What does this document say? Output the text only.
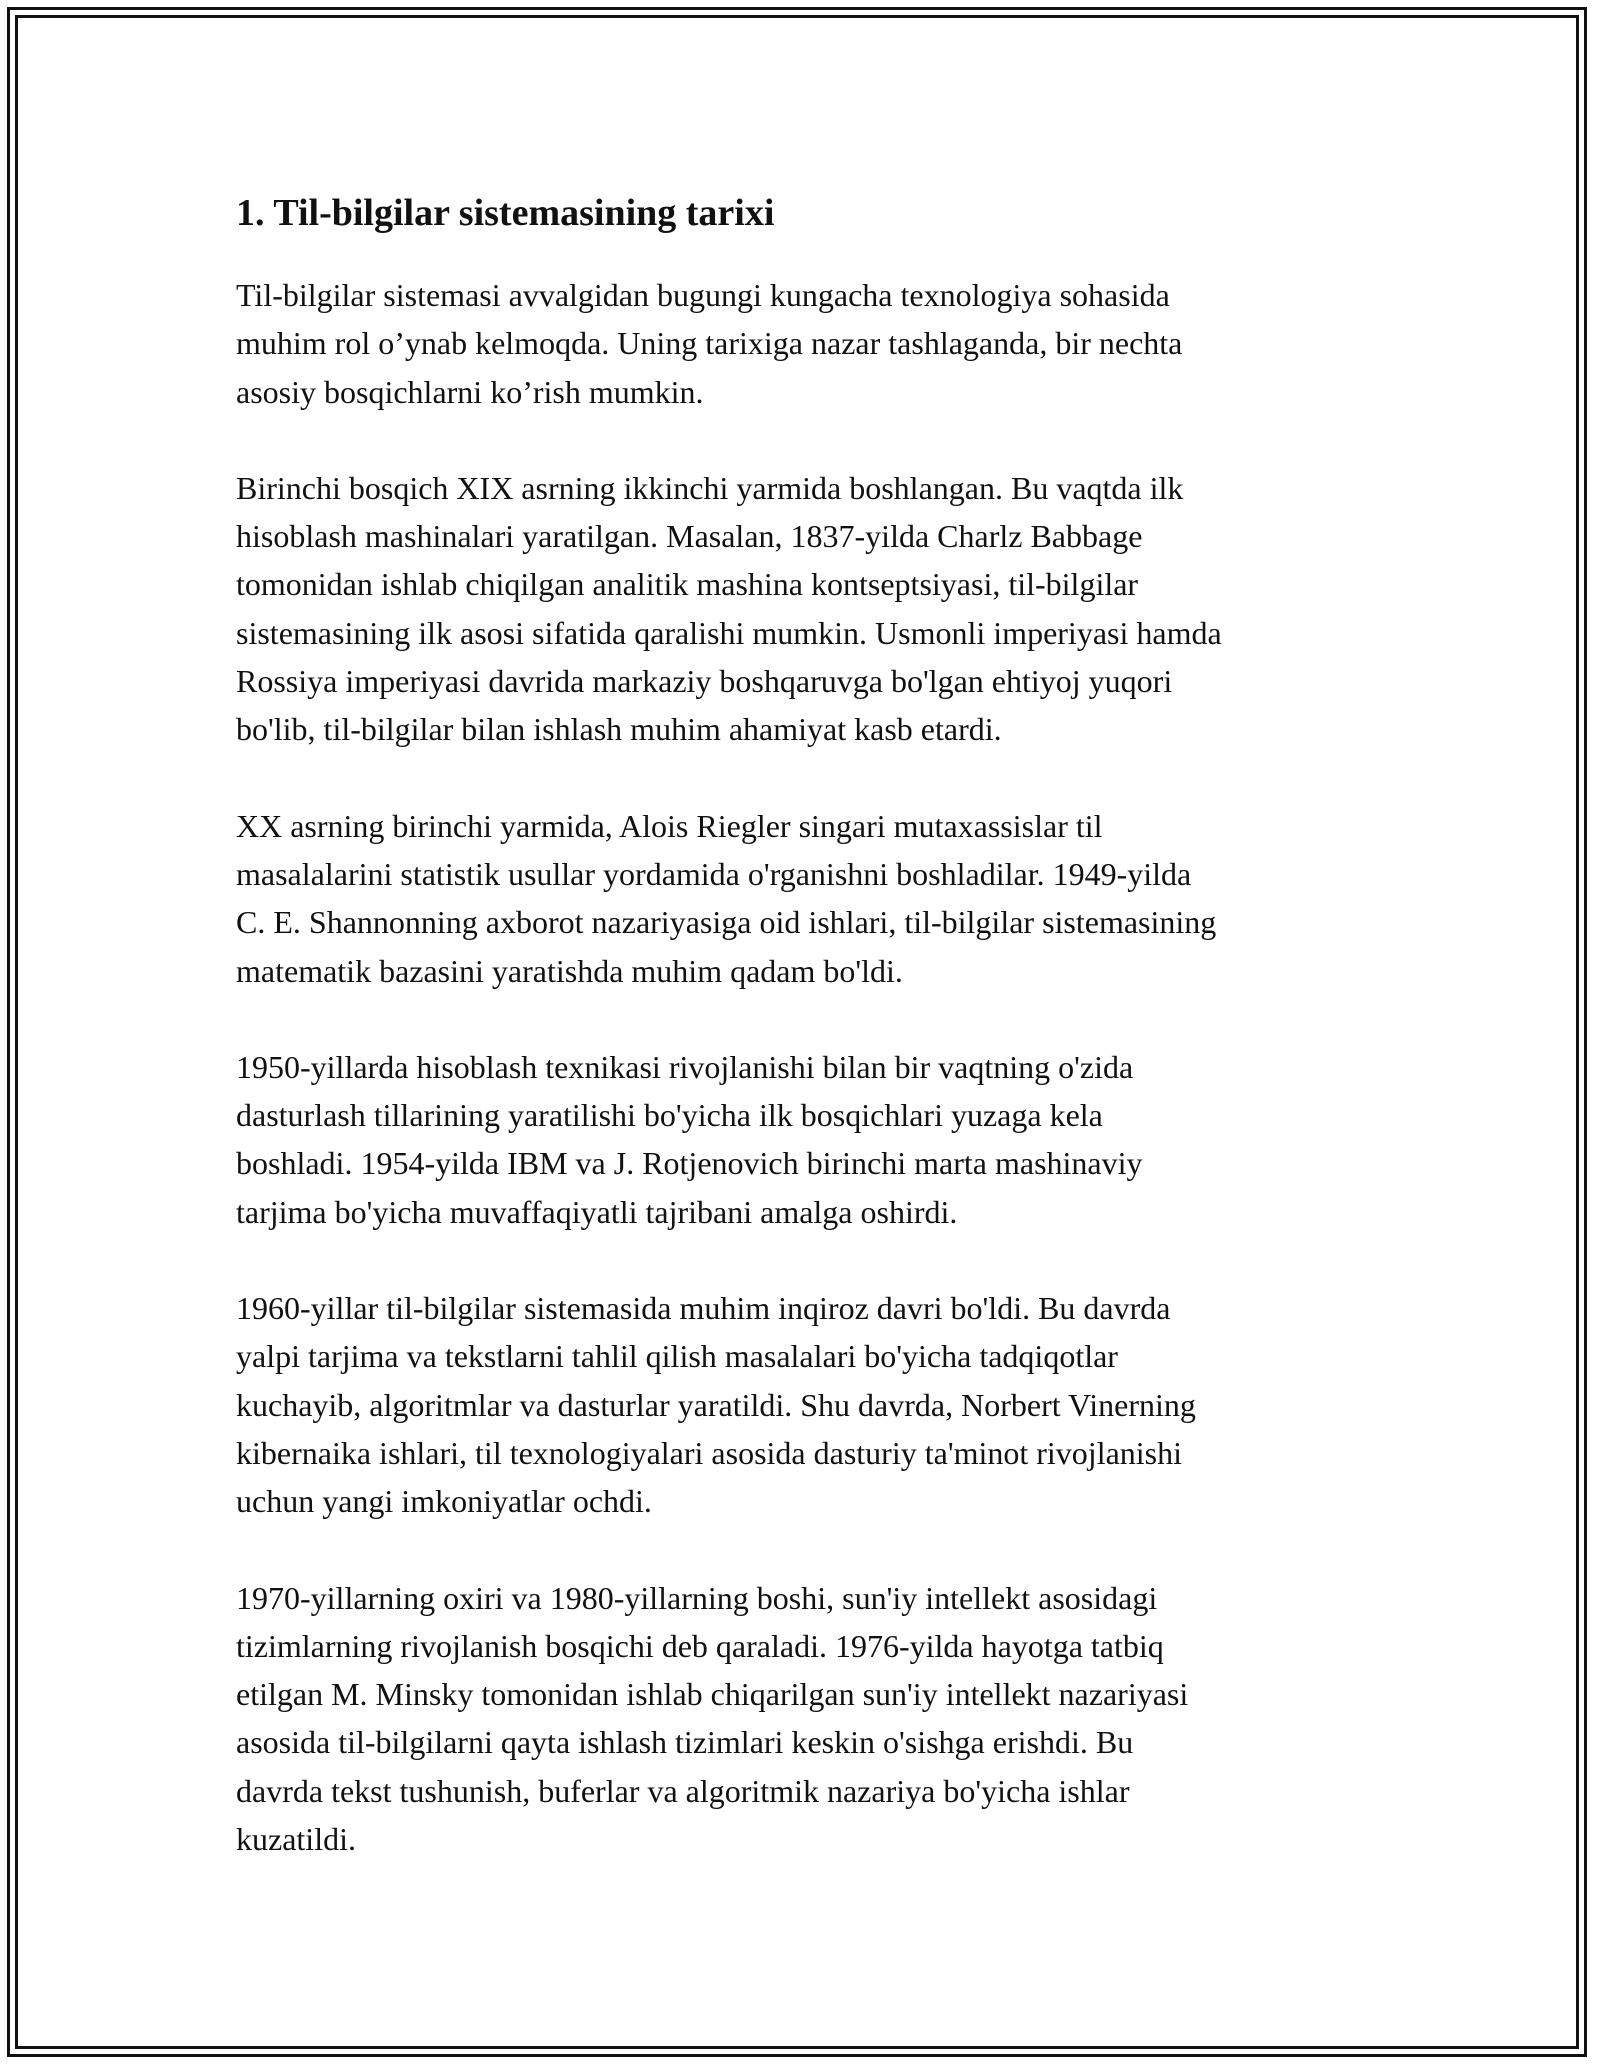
1. Til-bilgilar sistemasining tarixi

Til-bilgilar sistemasi avvalgidan bugungi kungacha texnologiya sohasida
muhim rol o’ynab kelmoqda. Uning tarixiga nazar tashlaganda, bir nechta
asosiy bosqichlarni ko’rish mumkin.

Birinchi bosqich XIX asrning ikkinchi yarmida boshlangan. Bu vaqtda ilk
hisoblash mashinalari yaratilgan. Masalan, 1837-yilda Charlz Babbage
tomonidan ishlab chiqilgan analitik mashina kontseptsiyasi, til-bilgilar
sistemasining ilk asosi sifatida qaralishi mumkin. Usmonli imperiyasi hamda
Rossiya imperiyasi davrida markaziy boshqaruvga bo'lgan ehtiyoj yuqori
bo'lib, til-bilgilar bilan ishlash muhim ahamiyat kasb etardi.

XX asrning birinchi yarmida, Alois Riegler singari mutaxassislar til
masalalarini statistik usullar yordamida o'rganishni boshladilar. 1949-yilda
C. E. Shannonning axborot nazariyasiga oid ishlari, til-bilgilar sistemasining
matematik bazasini yaratishda muhim qadam bo'ldi.

1950-yillarda hisoblash texnikasi rivojlanishi bilan bir vaqtning o'zida
dasturlash tillarining yaratilishi bo'yicha ilk bosqichlari yuzaga kela
boshladi. 1954-yilda IBM va J. Rotjenovich birinchi marta mashinaviy
tarjima bo'yicha muvaffaqiyatli tajribani amalga oshirdi.

1960-yillar til-bilgilar sistemasida muhim inqiroz davri bo'ldi. Bu davrda
yalpi tarjima va tekstlarni tahlil qilish masalalari bo'yicha tadqiqotlar
kuchayib, algoritmlar va dasturlar yaratildi. Shu davrda, Norbert Vinerning
kibernaika ishlari, til texnologiyalari asosida dasturiy ta'minot rivojlanishi
uchun yangi imkoniyatlar ochdi.

1970-yillarning oxiri va 1980-yillarning boshi, sun'iy intellekt asosidagi
tizimlarning rivojlanish bosqichi deb qaraladi. 1976-yilda hayotga tatbiq
etilgan M. Minsky tomonidan ishlab chiqarilgan sun'iy intellekt nazariyasi
asosida til-bilgilarni qayta ishlash tizimlari keskin o'sishga erishdi. Bu
davrda tekst tushunish, buferlar va algoritmik nazariya bo'yicha ishlar
kuzatildi.
